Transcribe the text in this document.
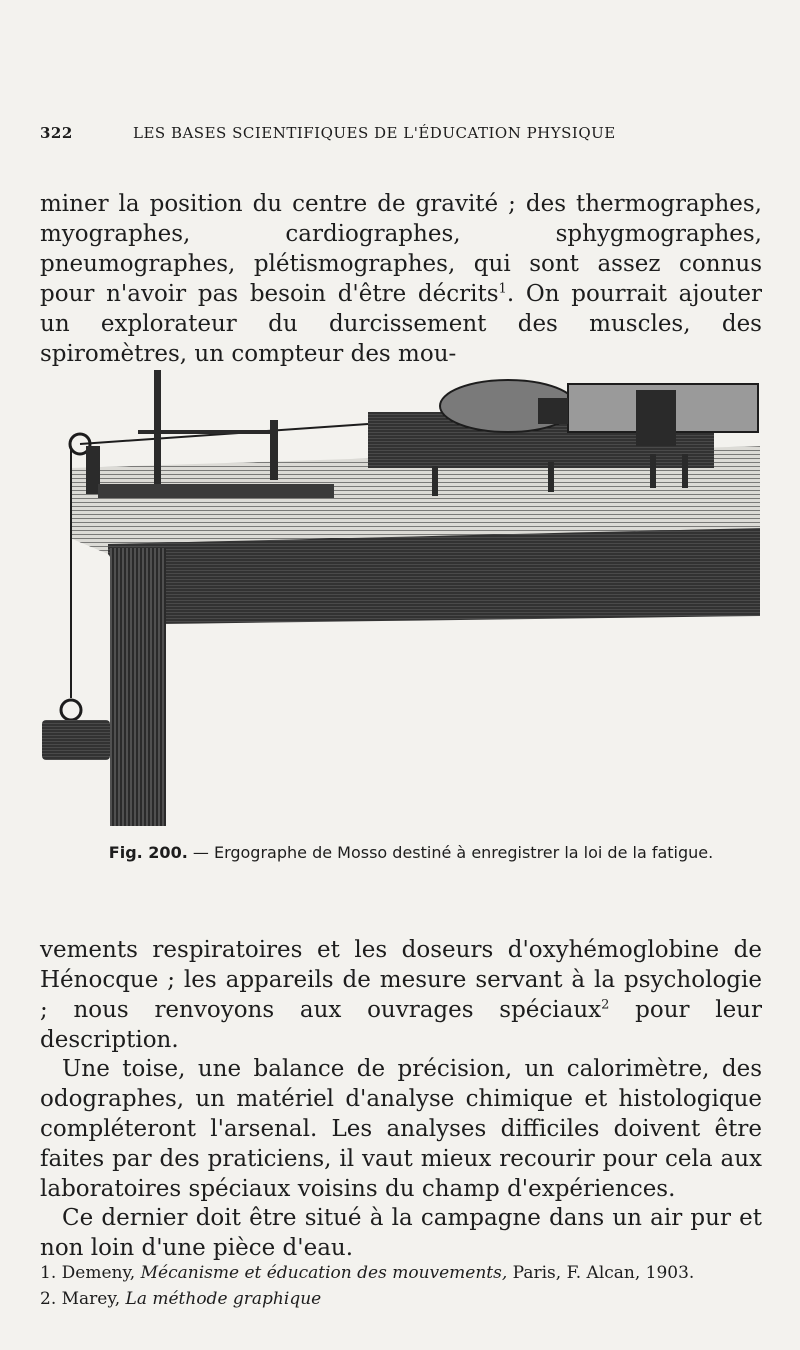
322	LES BASES SCIENTIFIQUES DE L'ÉDUCATION PHYSIQUE

miner la position du centre de gravité ; des thermographes, myographes, cardiographes, sphygmographes, pneumographes, plétismographes, qui sont assez connus pour n'avoir pas besoin d'être décrits$^1$. On pourrait ajouter un explorateur du durcissement des muscles, des spiromètres, un compteur des mou-

Fig. 200. — Ergographe de Mosso destiné à enregistrer la loi de la fatigue.

vements respiratoires et les doseurs d'oxyhémoglobine de Hénocque ; les appareils de mesure servant à la psychologie ; nous renvoyons aux ouvrages spéciaux$^2$ pour leur description.

Une toise, une balance de précision, un calorimètre, des odographes, un matériel d'analyse chimique et histologique compléteront l'arsenal. Les analyses difficiles doivent être faites par des praticiens, il vaut mieux recourir pour cela aux laboratoires spéciaux voisins du champ d'expériences.

Ce dernier doit être situé à la campagne dans un air pur et non loin d'une pièce d'eau.

1. Demeny, Mécanisme et éducation des mouvements, Paris, F. Alcan, 1903.
2. Marey, La méthode graphique
